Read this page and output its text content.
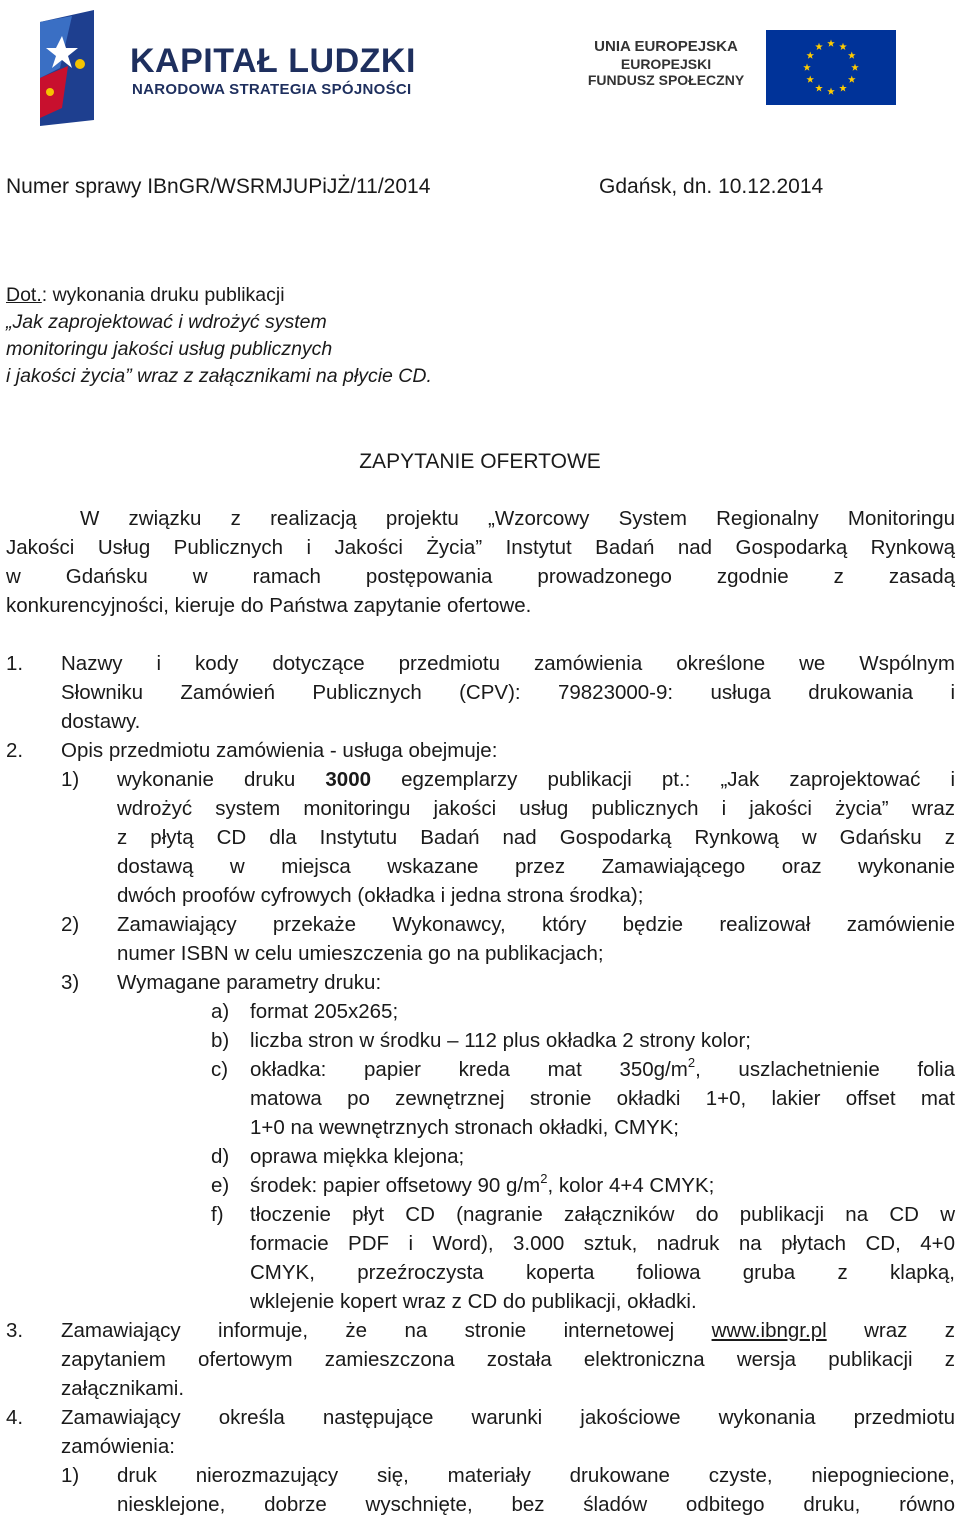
KAPITAŁ LUDZKI
NARODOWA STRATEGIA SPÓJNOŚCI
UNIA EUROPEJSKA
EUROPEJSKI
FUNDUSZ SPOŁECZNY
Numer sprawy IBnGR/WSRMJUPiJŻ/11/2014	Gdańsk, dn. 10.12.2014
Dot.: wykonania druku publikacji
„Jak zaprojektować i wdrożyć system
monitoringu jakości usług publicznych
i jakości życia” wraz z załącznikami na płycie CD.
ZAPYTANIE OFERTOWE
W związku z realizacją projektu „Wzorcowy System Regionalny Monitoringu
Jakości Usług Publicznych i Jakości Życia” Instytut Badań nad Gospodarką Rynkową
w Gdańsku w ramach postępowania prowadzonego zgodnie z zasadą
konkurencyjności, kieruje do Państwa zapytanie ofertowe.
1. Nazwy i kody dotyczące przedmiotu zamówienia określone we Wspólnym
Słowniku Zamówień Publicznych (CPV): 79823000-9: usługa drukowania i
dostawy.
2. Opis przedmiotu zamówienia - usługa obejmuje:
1) wykonanie druku 3000 egzemplarzy publikacji pt.: „Jak zaprojektować i
wdrożyć system monitoringu jakości usług publicznych i jakości życia” wraz
z płytą CD dla Instytutu Badań nad Gospodarką Rynkową w Gdańsku z
dostawą w miejsca wskazane przez Zamawiającego oraz wykonanie
dwóch proofów cyfrowych (okładka i jedna strona środka);
2) Zamawiający przekaże Wykonawcy, który będzie realizował zamówienie
numer ISBN w celu umieszczenia go na publikacjach;
3) Wymagane parametry druku:
a) format 205x265;
b) liczba stron w środku – 112 plus okładka 2 strony kolor;
c) okładka: papier kreda mat $350g/m^2$, uszlachetnienie folia
matowa po zewnętrznej stronie okładki 1+0, lakier offset mat
1+0 na wewnętrznych stronach okładki, CMYK;
d) oprawa miękka klejona;
e) środek: papier offsetowy 90 $g/m^2$, kolor 4+4 CMYK;
f) tłoczenie płyt CD (nagranie załączników do publikacji na CD w
formacie PDF i Word), 3.000 sztuk, nadruk na płytach CD, 4+0
CMYK, przeźroczysta koperta foliowa gruba z klapką,
wklejenie kopert wraz z CD do publikacji, okładki.
3. Zamawiający informuje, że na stronie internetowej www.ibngr.pl wraz z
zapytaniem ofertowym zamieszczona została elektroniczna wersja publikacji z
załącznikami.
4. Zamawiający określa następujące warunki jakościowe wykonania przedmiotu
zamówienia:
1) druk nierozmazujący się, materiały drukowane czyste, niepogniecione,
niesklejone, dobrze wyschnięte, bez śladów odbitego druku, równo
